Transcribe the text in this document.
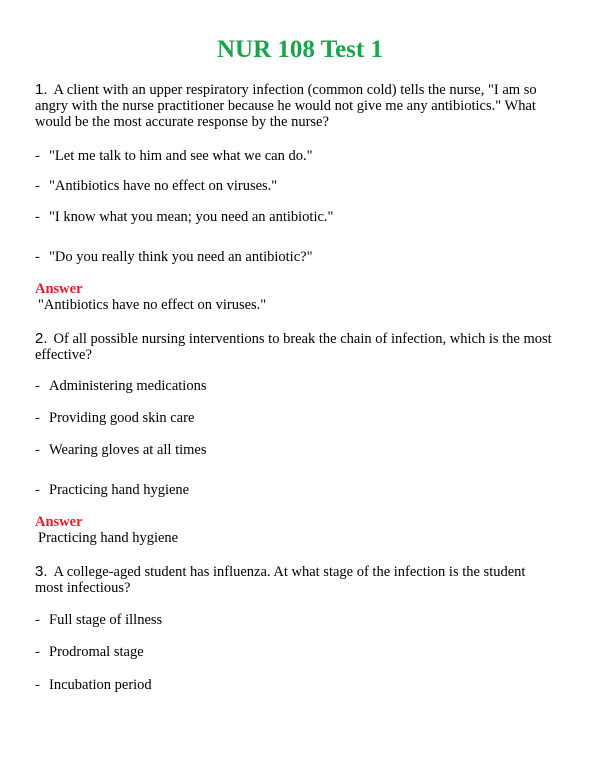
NUR 108 Test 1

1. A client with an upper respiratory infection (common cold) tells the nurse, "I am so angry with the nurse practitioner because he would not give me any antibiotics." What would be the most accurate response by the nurse?

- "Let me talk to him and see what we can do."
- "Antibiotics have no effect on viruses."
- "I know what you mean; you need an antibiotic."
- "Do you really think you need an antibiotic?"
Answer
"Antibiotics have no effect on viruses."

2. Of all possible nursing interventions to break the chain of infection, which is the most effective?

- Administering medications
- Providing good skin care
- Wearing gloves at all times
- Practicing hand hygiene
Answer
Practicing hand hygiene

3. A college-aged student has influenza. At what stage of the infection is the student most infectious?

- Full stage of illness
- Prodromal stage
- Incubation period
